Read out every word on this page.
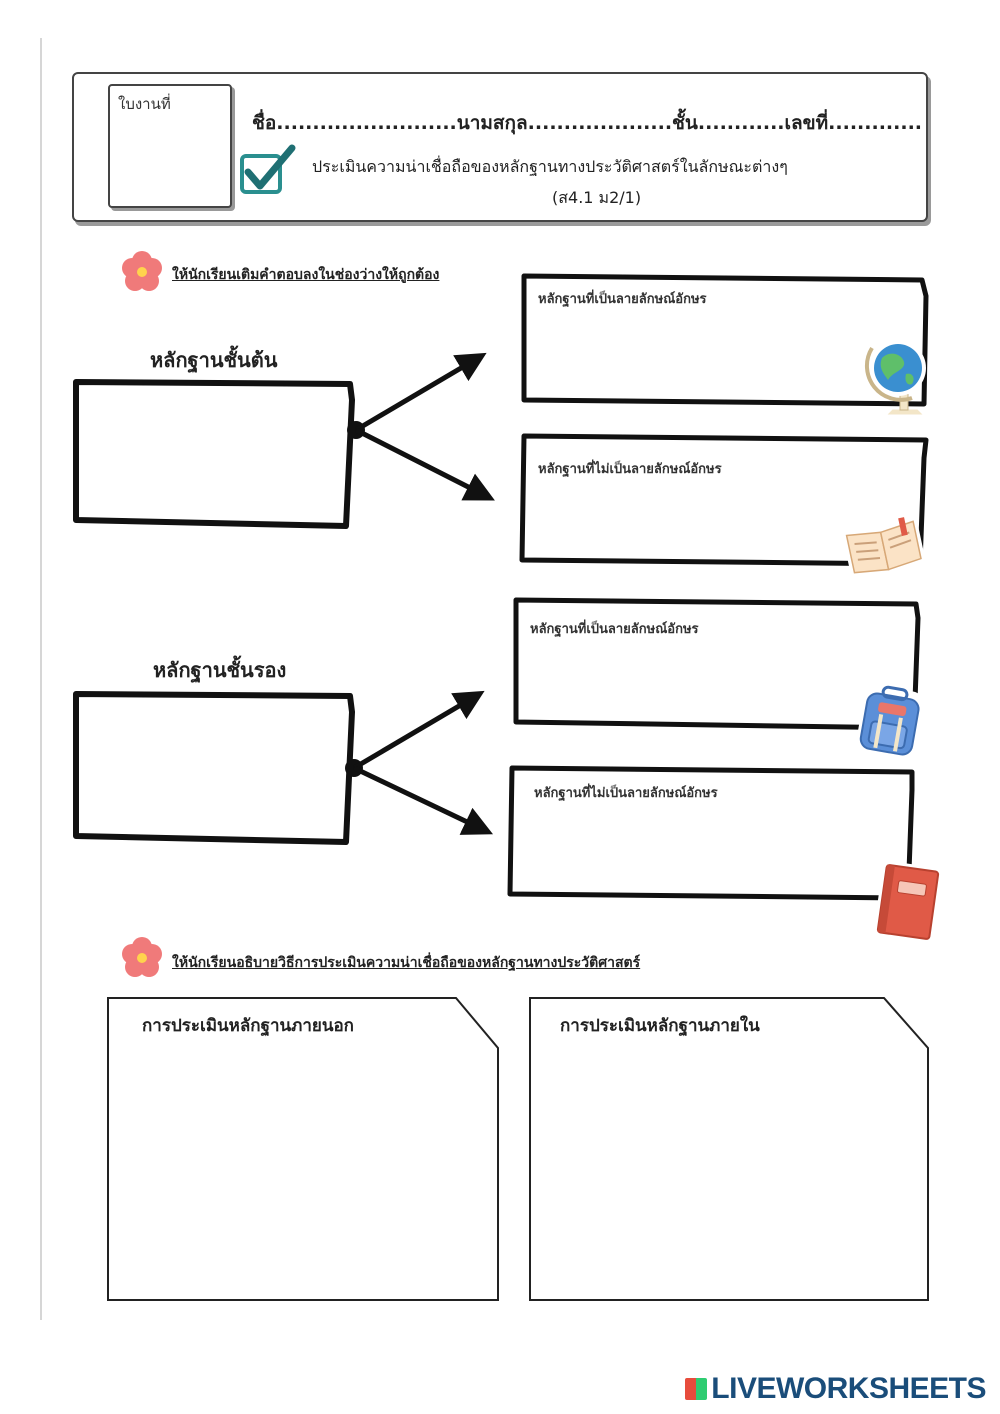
ใบงานที่
ชื่อ.........................นามสกุล....................ชั้น............เลขที่.............
ประเมินความน่าเชื่อถือของหลักฐานทางประวัติศาสตร์ในลักษณะต่างๆ
(ส4.1 ม2/1)
ให้นักเรียนเติมคำตอบลงในช่องว่างให้ถูกต้อง
หลักฐานชั้นต้น
หลักฐานชั้นรอง
หลักฐานที่เป็นลายลักษณ์อักษร
หลักฐานที่ไม่เป็นลายลักษณ์อักษร
หลักฐานที่เป็นลายลักษณ์อักษร
หลักฐานที่ไม่เป็นลายลักษณ์อักษร
ให้นักเรียนอธิบายวิธีการประเมินความน่าเชื่อถือของหลักฐานทางประวัติศาสตร์
การประเมินหลักฐานภายนอก	การประเมินหลักฐานภายใน
LIVEWORKSHEETS
